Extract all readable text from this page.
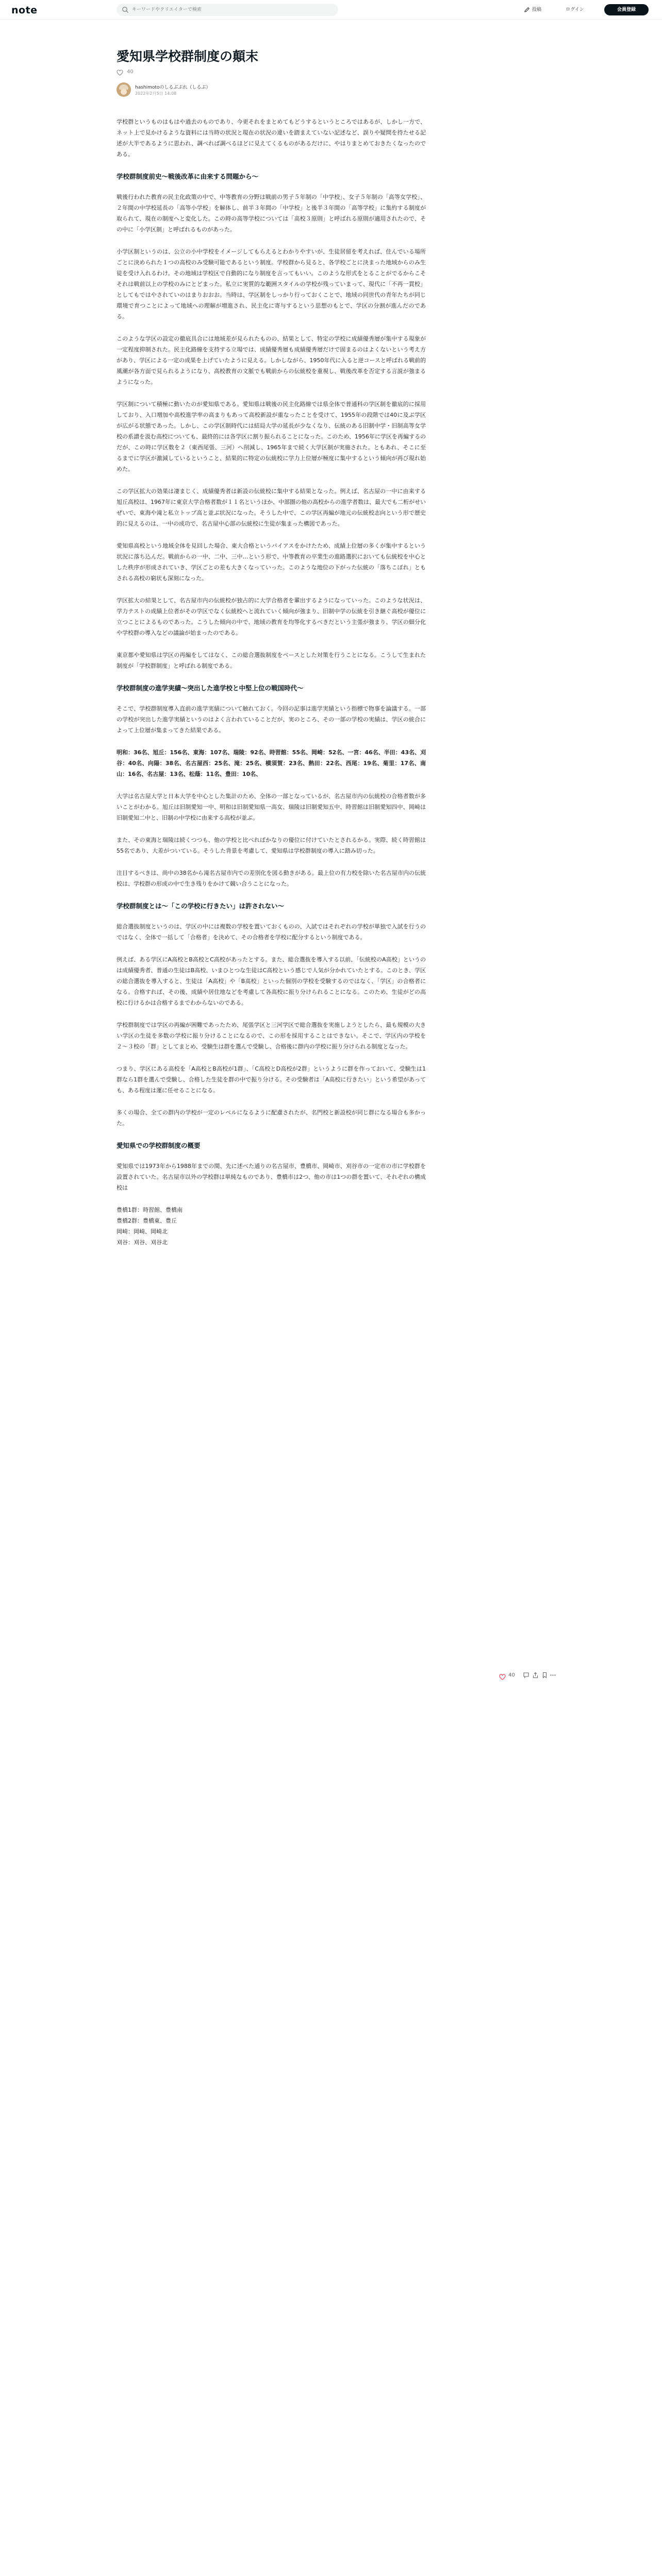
note
キーワードやクリエイターで検索	投稿	ログイン	会員登録
愛知県学校群制度の顛末
40
hashimotoのしるぶぷれ（しるぶ）
2022年2月5日 14:08

学校群というものはもはや過去のものであり、今更それをまとめてもどうするというところではあるが、しかし一方で、ネット上で見かけるような資料には当時の状況と現在の状況の違いを踏まえていない記述など、誤りや疑問を持たせる記述が大半であるように思われ、調べれば調べるほどに見えてくるものがあるだけに、やはりまとめておきたくなったのである。

学校群制度前史〜戦後改革に由来する問題から〜

戦後行われた教育の民主化政策の中で、中等教育の分野は戦前の男子５年制の「中学校」、女子５年制の「高等女学校」、２年間の中学校延長の「高等小学校」を解体し、前半３年間の「中学校」と後半３年間の「高等学校」に集約する制度が取られて、現在の制度へと変化した。この時の高等学校については「高校３原則」と呼ばれる原則が適用されたので、その中に「小学区制」と呼ばれるものがあった。

小学区制というのは、公立の小中学校をイメージしてもらえるとわかりやすいが、生徒居留を考えれば、住んでいる場所ごとに決められた１つの高校のみ受験可能であるという制度。学校群から見ると、各学校ごとに決まった地域からのみ生徒を受け入れるわけ。その地域は学校区で自動的になり制度を言ってもいい。このような形式をとることがでるからこそそれは戦前以上の学校のみにとどまった。私立に実質的な範囲スタイルの学校が残っていまって、現代に「不再一貫校」としてもではやされていのはまりおおお。当時は、学区制をしっかり行っておくことで、地域の同世代の青年たちが同じ環境で育つことによって地域への理解が増進され、民主化に寄与するという思想のもとで、学区の分割が進んだのである。

このような学区の設定の徹底具合には地域差が見られたものの、結果として、特定の学校に成績優秀層が集中する現象が一定程度抑制された。民主化路線を支持する立場では、成績優秀層も成績優秀層だけで固まるのはよくないという考え方があり、学区による一定の成果を上げていたように見える。しかしながら、1950年代に入ると逆コースと呼ばれる戦前的風潮が各方面で見られるようになり、高校教育の文脈でも戦前からの伝統校を重視し、戦後改革を否定する言説が強まるようになった。

学区制について積極に動いたのが愛知県である。愛知県は戦後の民主化路線では県全体で普通科の学区制を徹底的に採用しており、入口増加や高校進学率の高まりもあって高校新設が重なったことを受けて、1955年の段階では40に及ぶ学区が広がる状態であった。しかし、この学区制時代には結局大学の延長が少なくなり、伝統のある旧制中学・旧制高等女学校の系譜を汲む高校についても、最終的には各学区に割り振られることになった。このため、1956年に学区を再編するのだが、この時に学区数を２（東西尾張、三河）へ削減し、1965年まで続く大学区制が実施された。ともあれ、そこに至るまでに学区が激減しているということ、結果的に特定の伝統校に学力上位層が極度に集中するという傾向が再び現れ始めた。

この学区拡大の効果は凄まじく、成績優秀者は新設の伝統校に集中する結果となった。例えば、名古屋の一中に由来する旭丘高校は、1967年に東京大学合格者数が１１名というほか、中部圏の他の高校からの進学者数は、最大でも二桁がせいぜいで、東海や滝と私立トップ高と並ぶ状況になった。そうした中で、この学区再編が地元の伝統校志向という形で歴史的に見えるのは、一中の成功で、名古屋中心部の伝統校に生徒が集まった構図であった。

愛知県高校という地域全体を見回した場合、東大合格というバイアスをかけたため、成績上位層の多くが集中するという状況に落ち込んだ。戦前からの一中、二中、三中…という形で、中等教育の卒業生の進路選択においても伝統校を中心とした秩序が形成されていき、学区ごとの差も大きくなっていった。このような地位の下がった伝統の「落ちこぼれ」ともされる高校の窮状も深刻になった。

学区拡大の結果として、名古屋市内の伝統校が独占的に大学合格者を輩出するようになっていった。このような状況は、学力テストの成績上位者がその学区でなく伝統校へと流れていく傾向が強まり、旧制中学の伝統を引き継ぐ高校が優位に立つことによるものであった。こうした傾向の中で、地域の教育を均等化するべきだという主張が強まり、学区の細分化や学校群の導入などの議論が始まったのである。

東京都や愛知県は学区の再編をしてはなく、この総合選抜制度をベースとした対策を行うことになる。こうして生まれた制度が「学校群制度」と呼ばれる制度である。

学校群制度の進学実績〜突出した進学校と中堅上位の戦国時代〜

そこで、学校群制度導入直前の進学実績について触れておく。今回の記事は進学実績という指標で物事を論議する。一部の学校が突出した進学実績というのはよく言われていることだが、実のところ、その一部の学校の実績は、学区の統合によって上位層が集まってきた結果である。

明和：36名、旭丘：156名、東海：107名、瑞陵：92名、時習館：55名、岡崎：52名、一宮：46名、半田：43名、刈谷：40名、向陽：38名、名古屋西：25名、滝：25名、横須賀：23名、熱田：22名、西尾：19名、菊里：17名、南山：16名、名古屋：13名、松蔭：11名、豊田：10名、

大学は名古屋大学と日本大学を中心とした集計のため、全体の一部となっているが、名古屋市内の伝統校の合格者数が多いことがわかる。旭丘は旧制愛知一中、明和は旧制愛知県一高女、瑞陵は旧制愛知五中、時習館は旧制愛知四中、岡崎は旧制愛知二中と、旧制の中学校に由来する高校が並ぶ。

また、その東海と瑞陵は続くつつも、他の学校と比べればかなりの優位に付けていたとされるかる。実際、続く時習館は55名であり、大差がついている。そうした背景を考慮して、愛知県は学校群制度の導入に踏み切った。

注目するべきは、尚中の38名から滝名古屋市内での差別化を図る動きがある。最上位の有力校を除いた名古屋市内の伝統校は、学校群の形成の中で生き残りをかけて競い合うことになった。

学校群制度とは〜「この学校に行きたい」は許されない〜

総合選抜制度というのは、学区の中には複数の学校を置いておくものの、入試ではそれぞれの学校が単独で入試を行うのではなく、全体で一括して「合格者」を決めて、その合格者を学校に配分するという制度である。

例えば、ある学区にA高校とB高校とC高校があったとする。また、総合選抜を導入する以前、「伝統校のA高校」というのは成績優秀者、普通の生徒はB高校、いまひとつな生徒はC高校という感じで人気が分かれていたとする。このとき、学区の総合選抜を導入すると、生徒は「A高校」や「B高校」といった個別の学校を受験するのではなく、「学区」の合格者になる。合格すれば、その後、成績や居住地などを考慮して各高校に振り分けられることになる。このため、生徒がどの高校に行けるかは合格するまでわからないのである。

学校群制度では学区の再編が困難であったため、尾張学区と三河学区で総合選抜を実施しようとしたら、最も規模の大きい学区の生徒を多数の学校に振り分けることになるので、この形を採用することはできない。そこで、学区内の学校を２〜３校の「群」としてまとめ、受験生は群を選んで受験し、合格後に群内の学校に振り分けられる制度となった。

つまり、学区にある高校を「A高校とB高校が1群」、「C高校とD高校が2群」というように群を作っておいて、受験生は1群なら1群を選んで受験し、合格した生徒を群の中で振り分ける。その受験者は「A高校に行きたい」という希望があっても、ある程度は運に任せることになる。

多くの場合、全ての群内の学校が一定のレベルになるように配慮されたが、名門校と新設校が同じ群になる場合も多かった。

愛知県での学校群制度の概要

愛知県では1973年から1988年までの間、先に述べた通りの名古屋市、豊橋市、岡崎市、刈谷市の一定市の市に学校群を設置されていた。名古屋市以外の学校群は単純なものであり、豊橋市は2つ、他の市は1つの群を置いて、それぞれの構成校は

豊橋1群：時習館、豊橋南
豊橋2群：豊橋東、豊丘
岡崎：岡崎、岡崎北
刈谷：刈谷、刈谷北
40
